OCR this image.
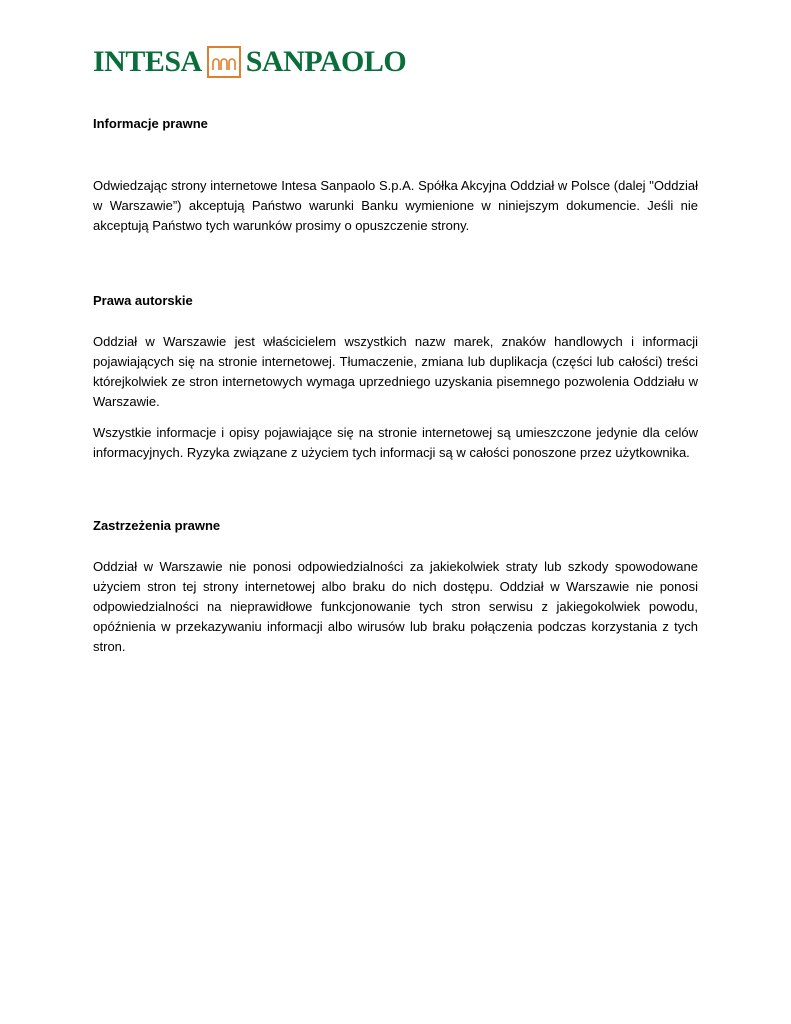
INTESA SANPAOLO

Informacje prawne

Odwiedzając strony internetowe Intesa Sanpaolo S.p.A. Spółka Akcyjna Oddział w Polsce (dalej "Oddział w Warszawie”) akceptują Państwo warunki Banku wymienione w niniejszym dokumencie. Jeśli nie akceptują Państwo tych warunków prosimy o opuszczenie strony.

Prawa autorskie

Oddział w Warszawie jest właścicielem wszystkich nazw marek, znaków handlowych i informacji pojawiających się na stronie internetowej. Tłumaczenie, zmiana lub duplikacja (części lub całości) treści którejkolwiek ze stron internetowych wymaga uprzedniego uzyskania pisemnego pozwolenia Oddziału w Warszawie.

Wszystkie informacje i opisy pojawiające się na stronie internetowej są umieszczone jedynie dla celów informacyjnych. Ryzyka związane z użyciem tych informacji są w całości ponoszone przez użytkownika.

Zastrzeżenia prawne

Oddział w Warszawie nie ponosi odpowiedzialności za jakiekolwiek straty lub szkody spowodowane użyciem stron tej strony internetowej albo braku do nich dostępu. Oddział w Warszawie nie ponosi odpowiedzialności na nieprawidłowe funkcjonowanie tych stron serwisu z jakiegokolwiek powodu, opóźnienia w przekazywaniu informacji albo wirusów lub braku połączenia podczas korzystania z tych stron.
